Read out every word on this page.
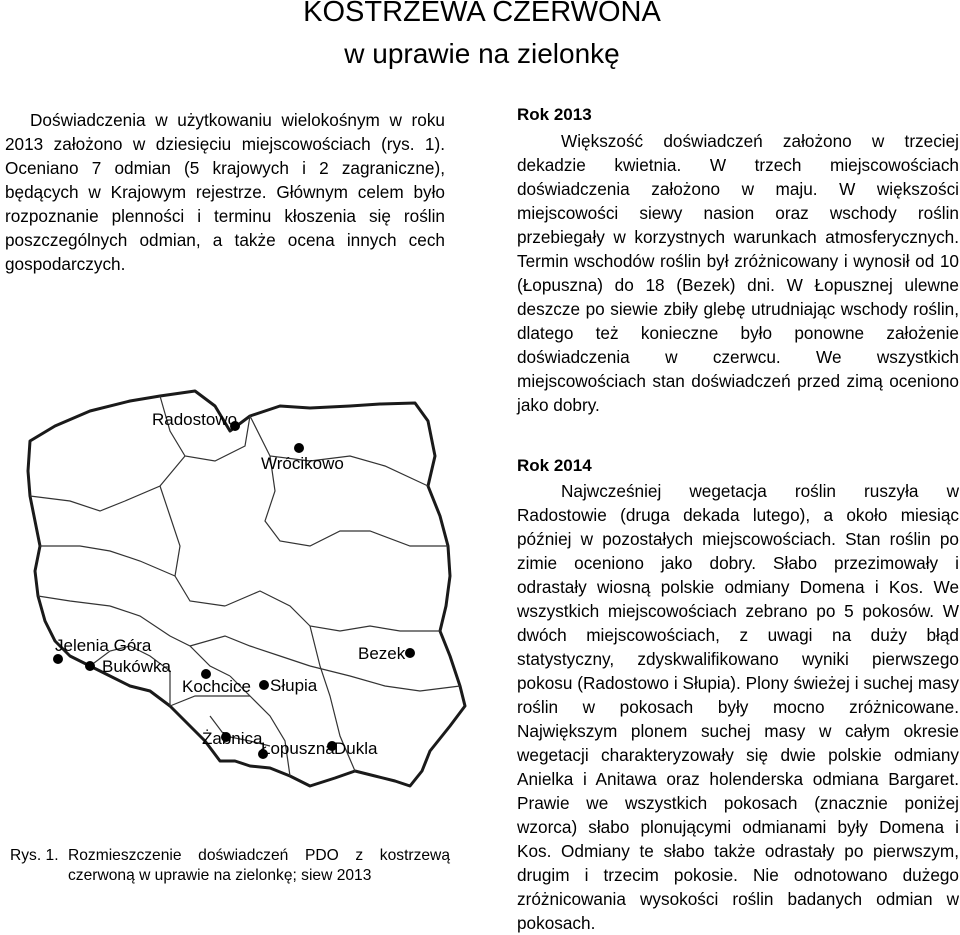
KOSTRZEWA CZERWONA
w uprawie na zielonkę
Doświadczenia w użytkowaniu wielokośnym w roku 2013 założono w dziesięciu miejscowościach (rys. 1). Oceniano 7 odmian (5 krajowych i 2 zagraniczne), będących w Krajowym rejestrze. Głównym celem było rozpoznanie plenności i terminu kłoszenia się roślin poszczególnych odmian, a także ocena innych cech gospodarczych.
Radostowo
Wrócikowo
Jelenia Góra
Bukówka
Bezek
Kochcice Słupia
Żabnica
Łopuszna Dukla
Rys. 1. Rozmieszczenie doświadczeń PDO z kostrzewą czerwoną w uprawie na zielonkę; siew 2013
Rok 2013
Większość doświadczeń założono w trzeciej dekadzie kwietnia. W trzech miejscowościach doświadczenia założono w maju. W większości miejscowości siewy nasion oraz wschody roślin przebiegały w korzystnych warunkach atmosferycznych. Termin wschodów roślin był zróżnicowany i wynosił od 10 (Łopuszna) do 18 (Bezek) dni. W Łopusznej ulewne deszcze po siewie zbiły glebę utrudniając wschody roślin, dlatego też konieczne było ponowne założenie doświadczenia w czerwcu. We wszystkich miejscowościach stan doświadczeń przed zimą oceniono jako dobry.
Rok 2014
Najwcześniej wegetacja roślin ruszyła w Radostowie (druga dekada lutego), a około miesiąc później w pozostałych miejscowościach. Stan roślin po zimie oceniono jako dobry. Słabo przezimowały i odrastały wiosną polskie odmiany Domena i Kos. We wszystkich miejscowościach zebrano po 5 pokosów. W dwóch miejscowościach, z uwagi na duży błąd statystyczny, zdyskwalifikowano wyniki pierwszego pokosu (Radostowo i Słupia). Plony świeżej i suchej masy roślin w pokosach były mocno zróżnicowane. Największym plonem suchej masy w całym okresie wegetacji charakteryzowały się dwie polskie odmiany Anielka i Anitawa oraz holenderska odmiana Bargaret. Prawie we wszystkich pokosach (znacznie poniżej wzorca) słabo plonującymi odmianami były Domena i Kos. Odmiany te słabo także odrastały po pierwszym, drugim i trzecim pokosie. Nie odnotowano dużego zróżnicowania wysokości roślin badanych odmian w pokosach.
